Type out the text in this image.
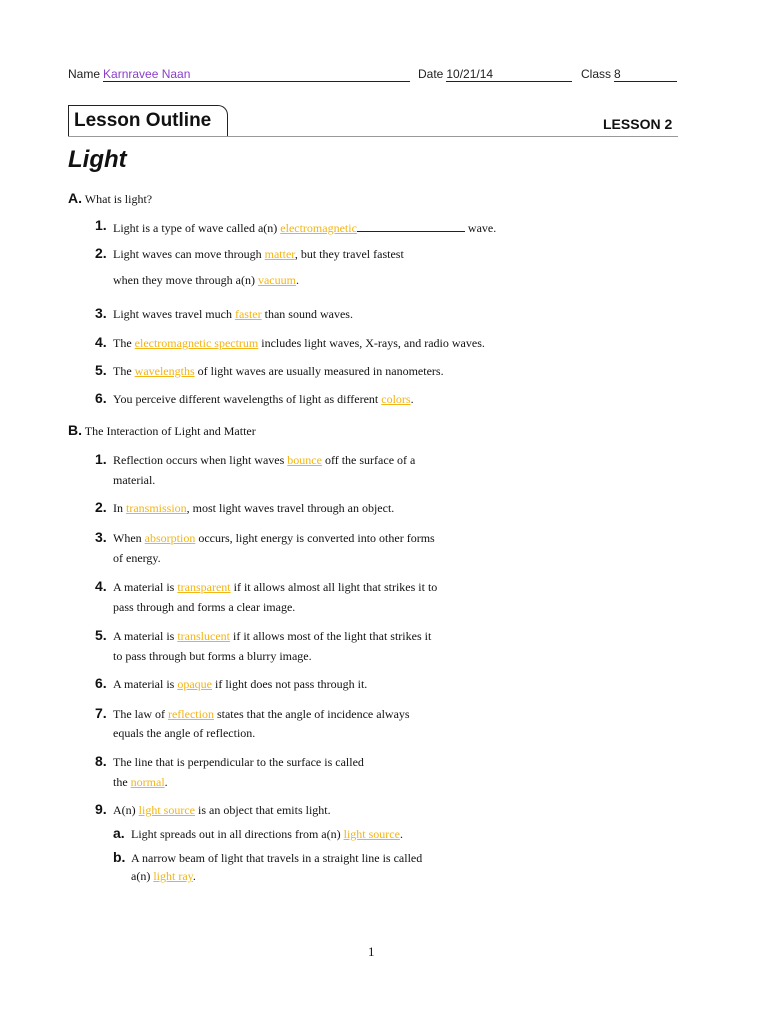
Name Karnravee Naan	Date 10/21/14	Class 8
Lesson Outline	LESSON 2
Light
A. What is light?
1. Light is a type of wave called a(n) electromagnetic	wave.
2. Light waves can move through matter, but they travel fastest
when they move through a(n) vacuum.
3. Light waves travel much faster than sound waves.
4. The electromagnetic spectrum includes light waves, X-rays, and radio waves.
5. The wavelengths of light waves are usually measured in nanometers.
6. You perceive different wavelengths of light as different colors.
B. The Interaction of Light and Matter
1. Reflection occurs when light waves bounce off the surface of a
material.
2. In transmission, most light waves travel through an object.
3. When absorption occurs, light energy is converted into other forms
of energy.
4. A material is transparent if it allows almost all light that strikes it to
pass through and forms a clear image.
5. A material is translucent if it allows most of the light that strikes it
to pass through but forms a blurry image.
6. A material is opaque if light does not pass through it.
7. The law of reflection states that the angle of incidence always
equals the angle of reflection.
8. The line that is perpendicular to the surface is called
the normal.
9. A(n) light source is an object that emits light.
a. Light spreads out in all directions from a(n) light source.
b. A narrow beam of light that travels in a straight line is called
a(n) light ray.
1
